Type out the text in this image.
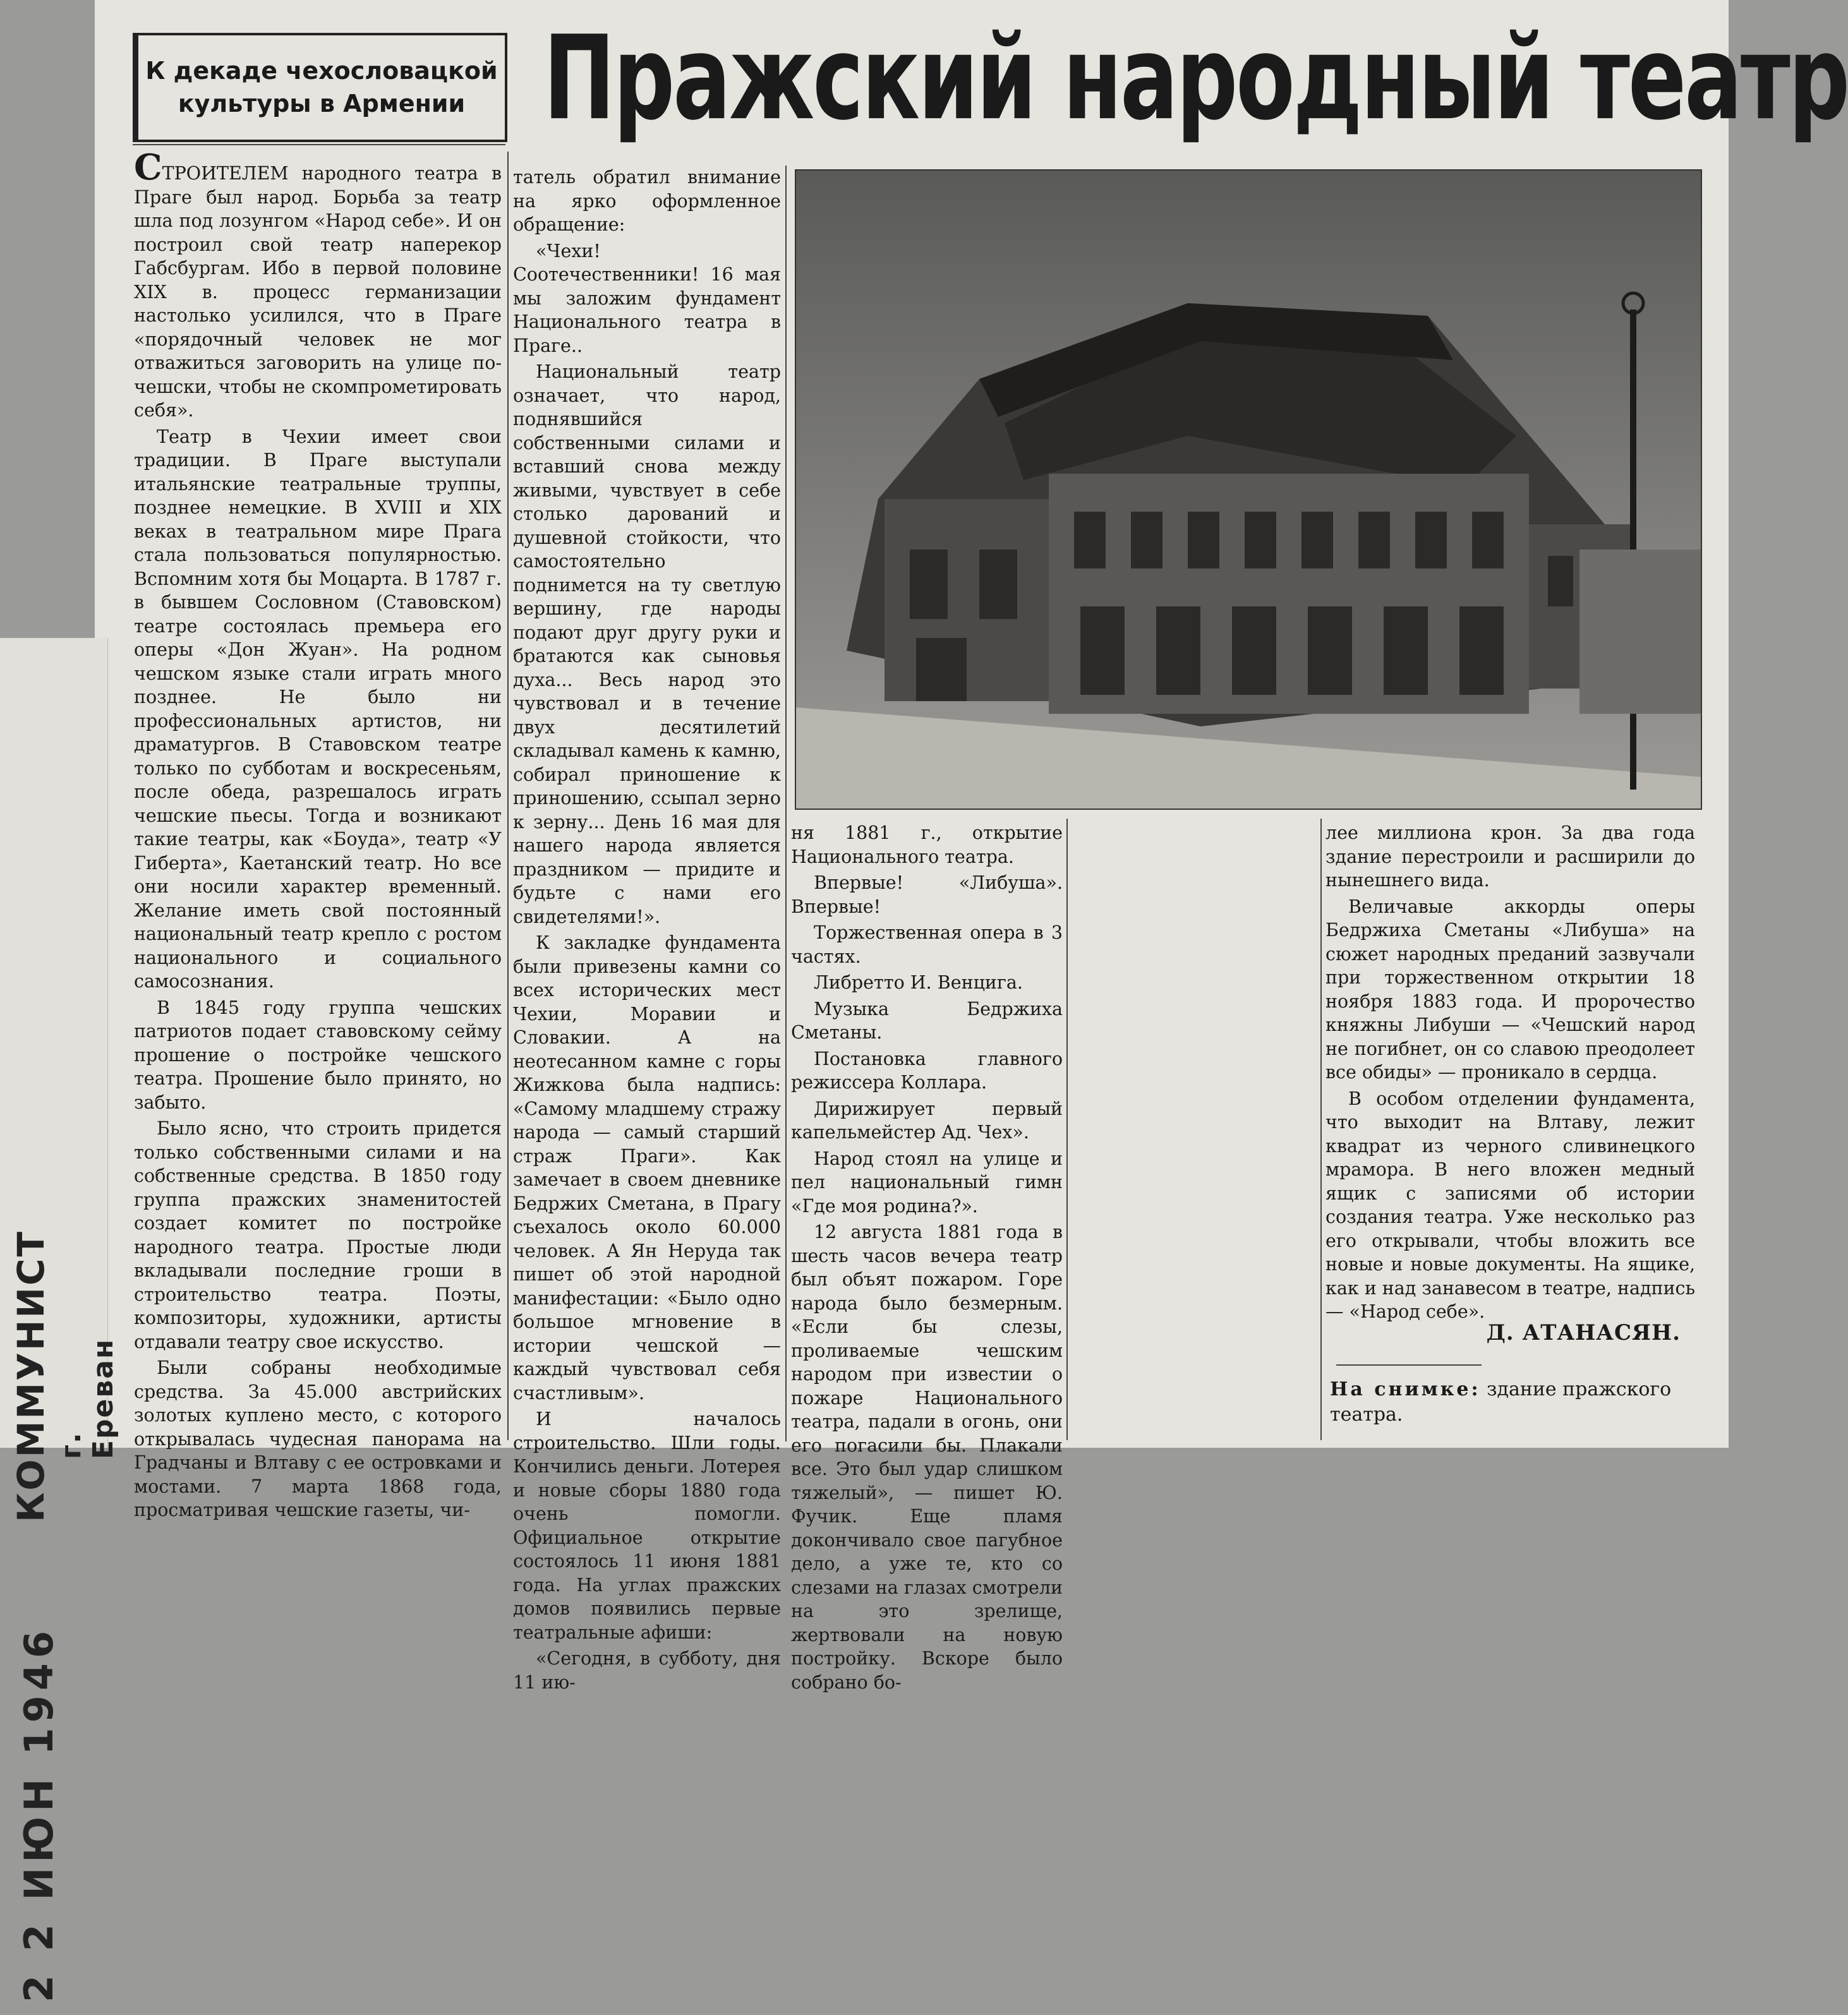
2 2 ИЮН 1946
КОММУНИСТ г. Ереван
К декаде чехословацкой
культуры в Армении Пражский народный театр

СТРОИТЕЛЕМ народного театра в Праге был народ. Борьба за театр шла под лозунгом «Народ себе». И он построил свой театр наперекор Габсбургам. Ибо в первой половине XIX в. процесс германизации настолько усилился, что в Праге «порядочный человек не мог отважиться заговорить на улице по-чешски, чтобы не скомпрометировать себя».

Театр в Чехии имеет свои традиции. В Праге выступали итальянские театральные труппы, позднее немецкие. В XVIII и XIX веках в театральном мире Прага стала пользоваться популярностью. Вспомним хотя бы Моцарта. В 1787 г. в бывшем Сословном (Ставовском) театре состоялась премьера его оперы «Дон Жуан». На родном чешском языке стали играть много позднее. Не было ни профессиональных артистов, ни драматургов. В Ставовском театре только по субботам и воскресеньям, после обеда, разрешалось играть чешские пьесы. Тогда и возникают такие театры, как «Боуда», театр «У Гиберта», Каетанский театр. Но все они носили характер временный. Желание иметь свой постоянный национальный театр крепло с ростом национального и социального самосознания.

В 1845 году группа чешских патриотов подает ставовскому сейму прошение о постройке чешского театра. Прошение было принято, но забыто.

Было ясно, что строить придется только собственными силами и на собственные средства. В 1850 году группа пражских знаменитостей создает комитет по постройке народного театра. Простые люди вкладывали последние гроши в строительство театра. Поэты, композиторы, художники, артисты отдавали театру свое искусство.

Были собраны необходимые средства. За 45.000 австрийских золотых куплено место, с которого открывалась чудесная панорама на Градчаны и Влтаву с ее островками и мостами. 7 марта 1868 года, просматривая чешские газеты, чи-

татель обратил внимание на ярко оформленное обращение:

«Чехи! Соотечественники! 16 мая мы заложим фундамент Национального театра в Праге..

Национальный театр означает, что народ, поднявшийся собственными силами и вставший снова между живыми, чувствует в себе столько дарований и душевной стойкости, что самостоятельно поднимется на ту светлую вершину, где народы подают друг другу руки и братаются как сыновья духа... Весь народ это чувствовал и в течение двух десятилетий складывал камень к камню, собирал приношение к приношению, ссыпал зерно к зерну... День 16 мая для нашего народа является праздником — придите и будьте с нами его свидетелями!».

К закладке фундамента были привезены камни со всех исторических мест Чехии, Моравии и Словакии. А на неотесанном камне с горы Жижкова была надпись: «Самому младшему стражу народа — самый старший страж Праги». Как замечает в своем дневнике Бедржих Сметана, в Прагу съехалось около 60.000 человек. А Ян Неруда так пишет об этой народной манифестации: «Было одно большое мгновение в истории чешской — каждый чувствовал себя счастливым».

И началось строительство. Шли годы. Кончились деньги. Лотерея и новые сборы 1880 года очень помогли. Официальное открытие состоялось 11 июня 1881 года. На углах пражских домов появились первые театральные афиши:

«Сегодня, в субботу, дня 11 ию-

ня 1881 г., открытие Национального театра.

Впервые! «Либуша». Впервые!

Торжественная опера в 3 частях.

Либретто И. Венцига.

Музыка Бедржиха Сметаны.

Постановка главного режиссера Коллара.

Дирижирует первый капельмейстер Ад. Чех».

Народ стоял на улице и пел национальный гимн «Где моя родина?».

12 августа 1881 года в шесть часов вечера театр был объят пожаром. Горе народа было безмерным. «Если бы слезы, проливаемые чешским народом при известии о пожаре Национального театра, падали в огонь, они его погасили бы. Плакали все. Это был удар слишком тяжелый», — пишет Ю. Фучик. Еще пламя докончивало свое пагубное дело, а уже те, кто со слезами на глазах смотрели на это зрелище, жертвовали на новую постройку. Вскоре было собрано бо-

лее миллиона крон. За два года здание перестроили и расширили до нынешнего вида.

Величавые аккорды оперы Бедржиха Сметаны «Либуша» на сюжет народных преданий зазвучали при торжественном открытии 18 ноября 1883 года. И пророчество княжны Либуши — «Чешский народ не погибнет, он со славою преодолеет все обиды» — проникало в сердца.

В особом отделении фундамента, что выходит на Влтаву, лежит квадрат из черного сливинецкого мрамора. В него вложен медный ящик с записями об истории создания театра. Уже несколько раз его открывали, чтобы вложить все новые и новые документы. На ящике, как и над занавесом в театре, надпись — «Народ себе».

Д. АТАНАСЯН.
На снимке: здание пражского театра.
